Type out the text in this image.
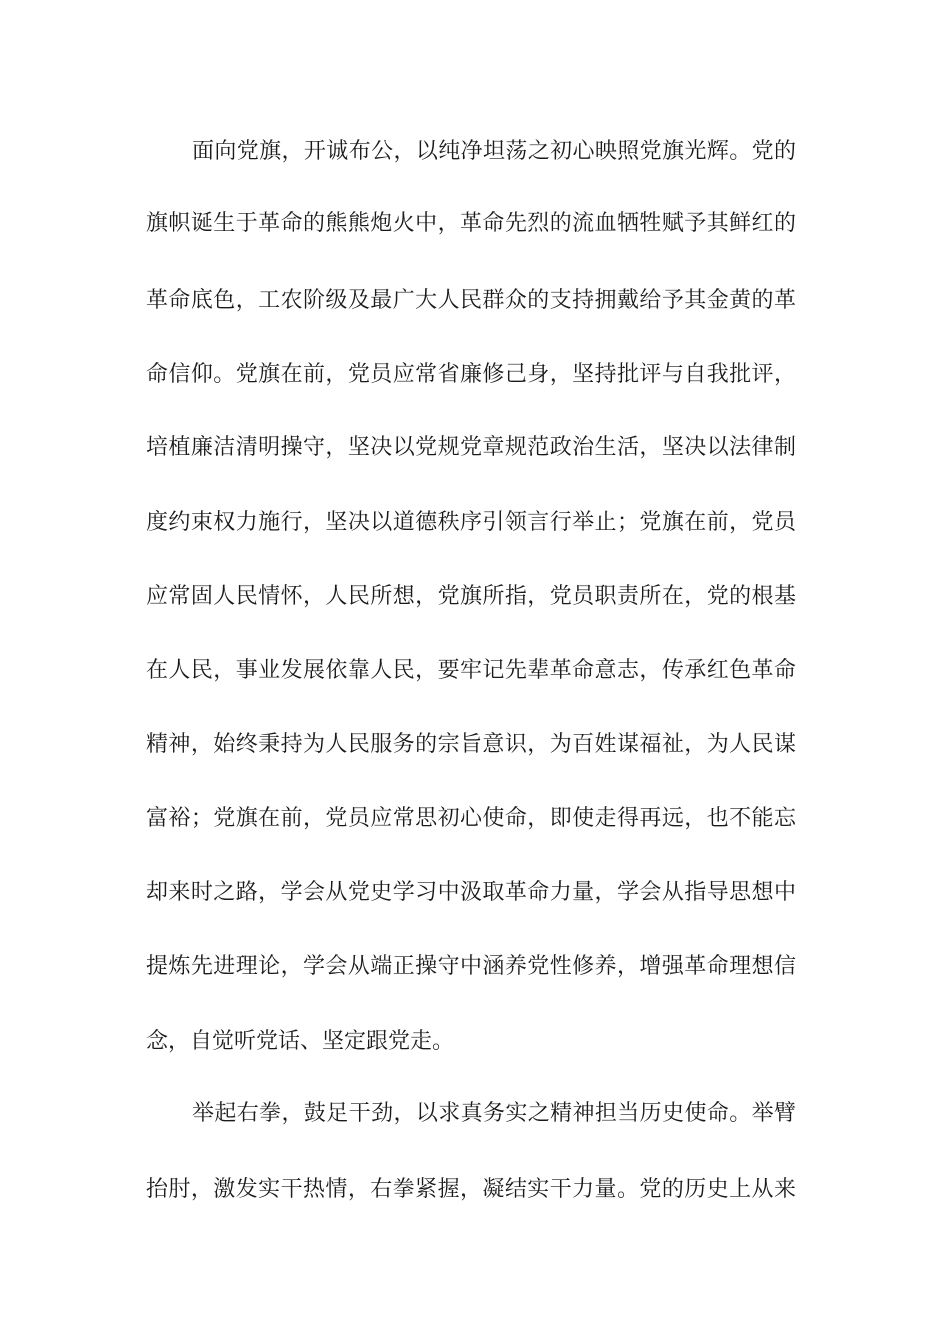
面向党旗，开诚布公，以纯净坦荡之初心映照党旗光辉。党的
旗帜诞生于革命的熊熊炮火中，革命先烈的流血牺牲赋予其鲜红的
革命底色，工农阶级及最广大人民群众的支持拥戴给予其金黄的革
命信仰。党旗在前，党员应常省廉修己身，坚持批评与自我批评，
培植廉洁清明操守，坚决以党规党章规范政治生活，坚决以法律制
度约束权力施行，坚决以道德秩序引领言行举止；党旗在前，党员
应常固人民情怀，人民所想，党旗所指，党员职责所在，党的根基
在人民，事业发展依靠人民，要牢记先辈革命意志，传承红色革命
精神，始终秉持为人民服务的宗旨意识，为百姓谋福祉，为人民谋
富裕；党旗在前，党员应常思初心使命，即使走得再远，也不能忘
却来时之路，学会从党史学习中汲取革命力量，学会从指导思想中
提炼先进理论，学会从端正操守中涵养党性修养，增强革命理想信
念，自觉听党话、坚定跟党走。
举起右拳，鼓足干劲，以求真务实之精神担当历史使命。举臂
抬肘，激发实干热情，右拳紧握，凝结实干力量。党的历史上从来
